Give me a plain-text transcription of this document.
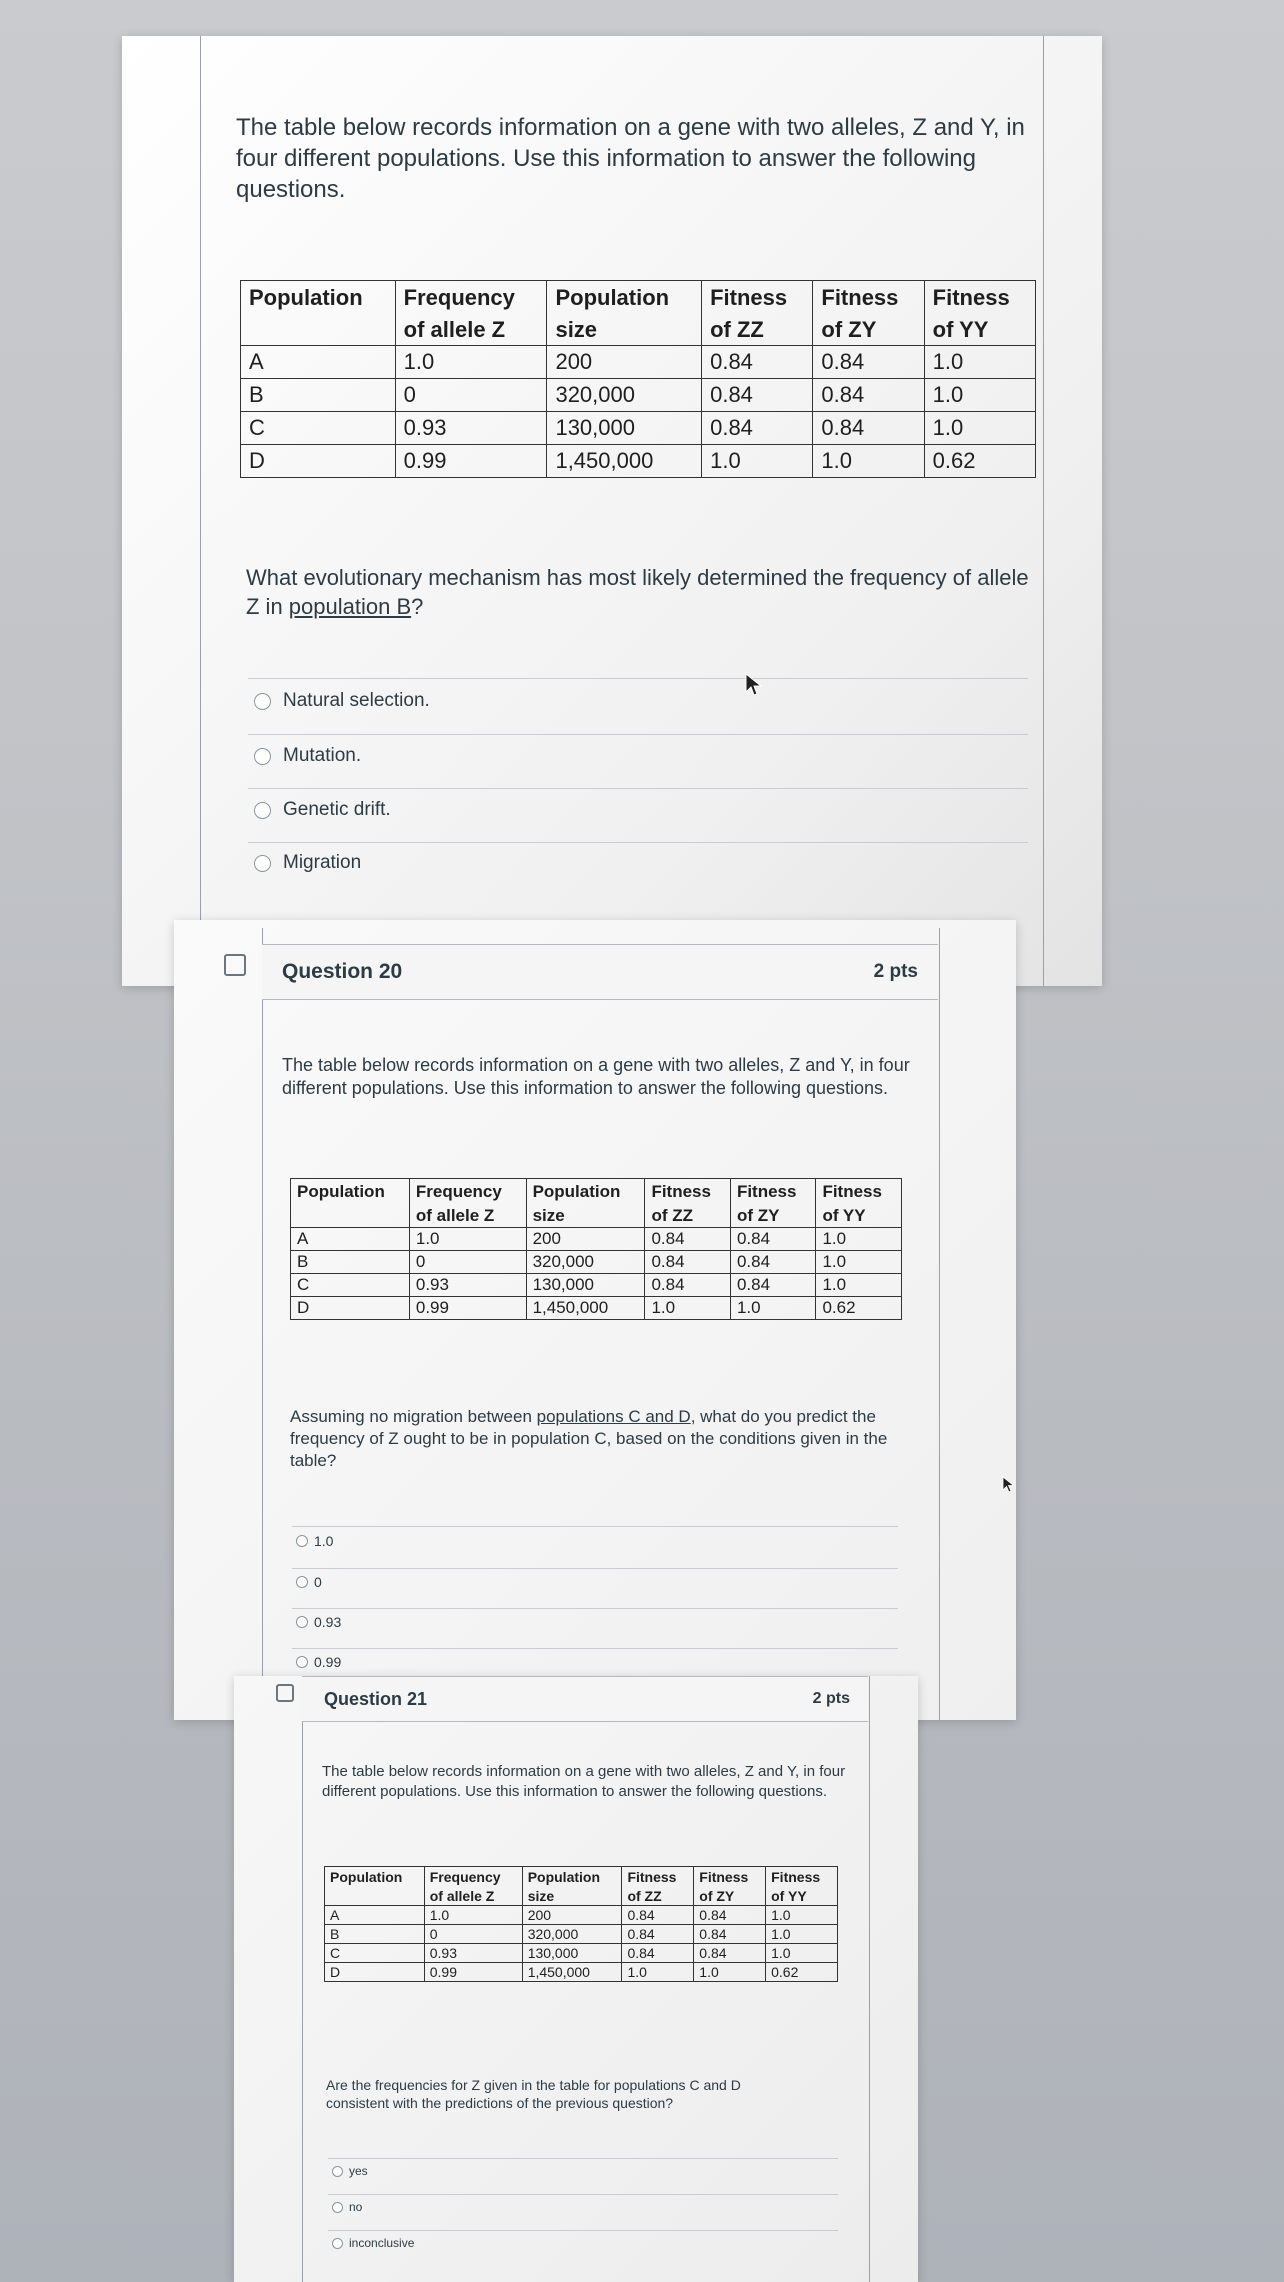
The table below records information on a gene with two alleles, Z and Y, in four different populations. Use this information to answer the following questions.
Population	Frequency	Population	Fitness	Fitness	Fitness
	of allele Z	size	of ZZ	of ZY	of YY
A	1.0	200	0.84	0.84	1.0
B	0	320,000	0.84	0.84	1.0
C	0.93	130,000	0.84	0.84	1.0
D	0.99	1,450,000	1.0	1.0	0.62
What evolutionary mechanism has most likely determined the frequency of allele Z in population B?
Natural selection.
Mutation.
Genetic drift.
Migration
Question 20	2 pts
The table below records information on a gene with two alleles, Z and Y, in four different populations. Use this information to answer the following questions.
Population	Frequency	Population	Fitness	Fitness	Fitness
	of allele Z	size	of ZZ	of ZY	of YY
A	1.0	200	0.84	0.84	1.0
B	0	320,000	0.84	0.84	1.0
C	0.93	130,000	0.84	0.84	1.0
D	0.99	1,450,000	1.0	1.0	0.62
Assuming no migration between populations C and D, what do you predict the frequency of Z ought to be in population C, based on the conditions given in the table?
1.0
0
0.93
0.99
Question 21	2 pts
The table below records information on a gene with two alleles, Z and Y, in four different populations. Use this information to answer the following questions.
Population	Frequency	Population	Fitness	Fitness	Fitness
	of allele Z	size	of ZZ	of ZY	of YY
A	1.0	200	0.84	0.84	1.0
B	0	320,000	0.84	0.84	1.0
C	0.93	130,000	0.84	0.84	1.0
D	0.99	1,450,000	1.0	1.0	0.62
Are the frequencies for Z given in the table for populations C and D consistent with the predictions of the previous question?
yes
no
inconclusive
